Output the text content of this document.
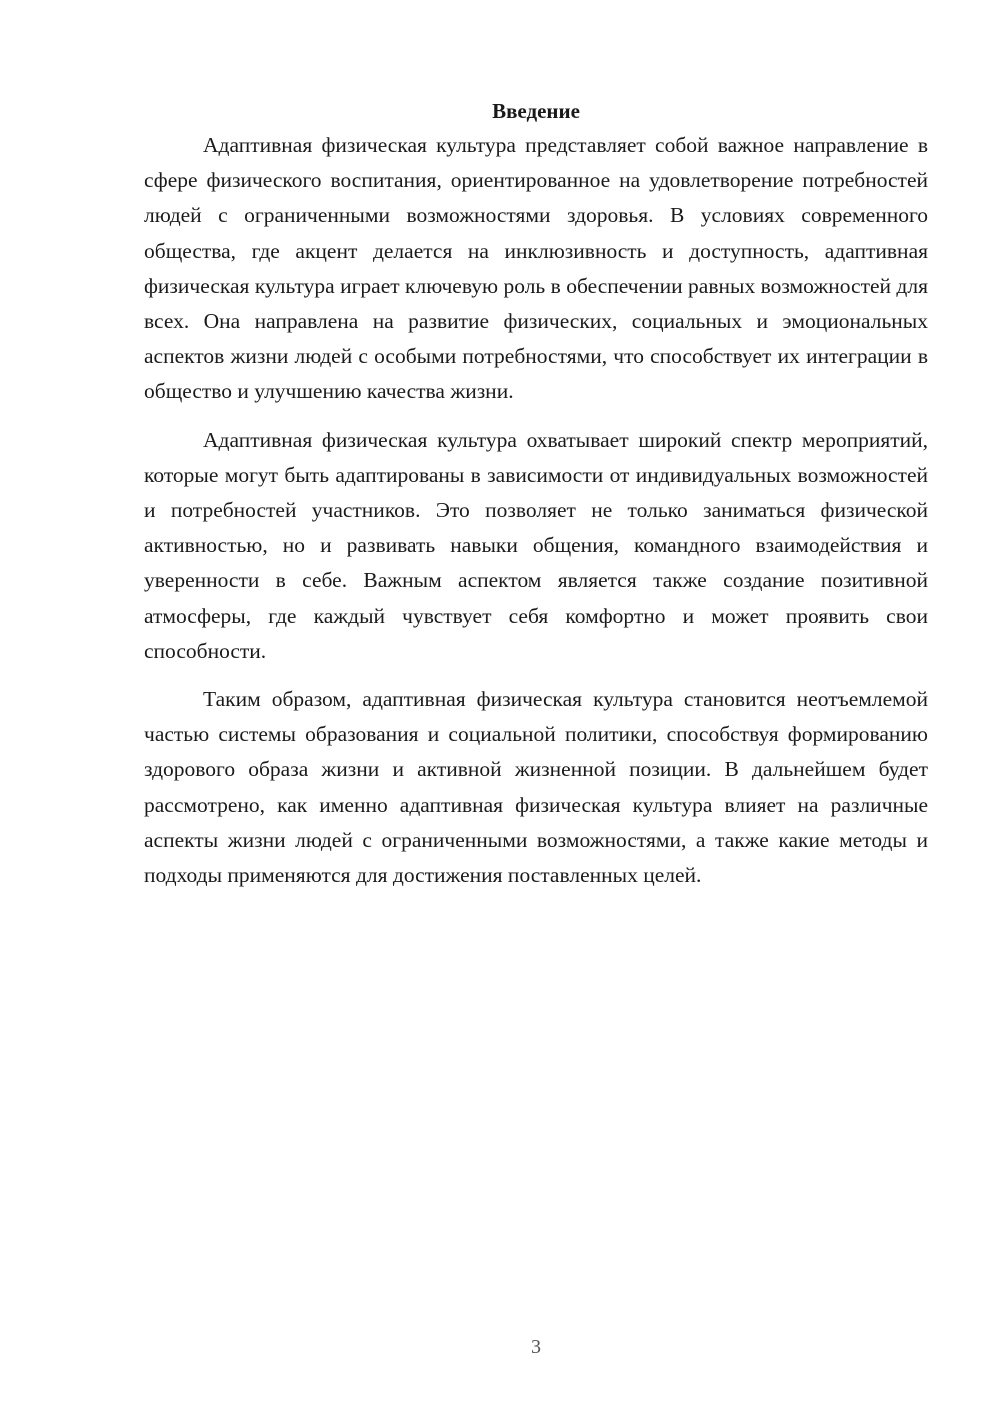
Введение

Адаптивная физическая культура представляет собой важное направление в сфере физического воспитания, ориентированное на удовлетворение потребностей людей с ограниченными возможностями здоровья. В условиях современного общества, где акцент делается на инклюзивность и доступность, адаптивная физическая культура играет ключевую роль в обеспечении равных возможностей для всех. Она направлена на развитие физических, социальных и эмоциональных аспектов жизни людей с особыми потребностями, что способствует их интеграции в общество и улучшению качества жизни.

Адаптивная физическая культура охватывает широкий спектр мероприятий, которые могут быть адаптированы в зависимости от индивидуальных возможностей и потребностей участников. Это позволяет не только заниматься физической активностью, но и развивать навыки общения, командного взаимодействия и уверенности в себе. Важным аспектом является также создание позитивной атмосферы, где каждый чувствует себя комфортно и может проявить свои способности.

Таким образом, адаптивная физическая культура становится неотъемлемой частью системы образования и социальной политики, способствуя формированию здорового образа жизни и активной жизненной позиции. В дальнейшем будет рассмотрено, как именно адаптивная физическая культура влияет на различные аспекты жизни людей с ограниченными возможностями, а также какие методы и подходы применяются для достижения поставленных целей.

3
